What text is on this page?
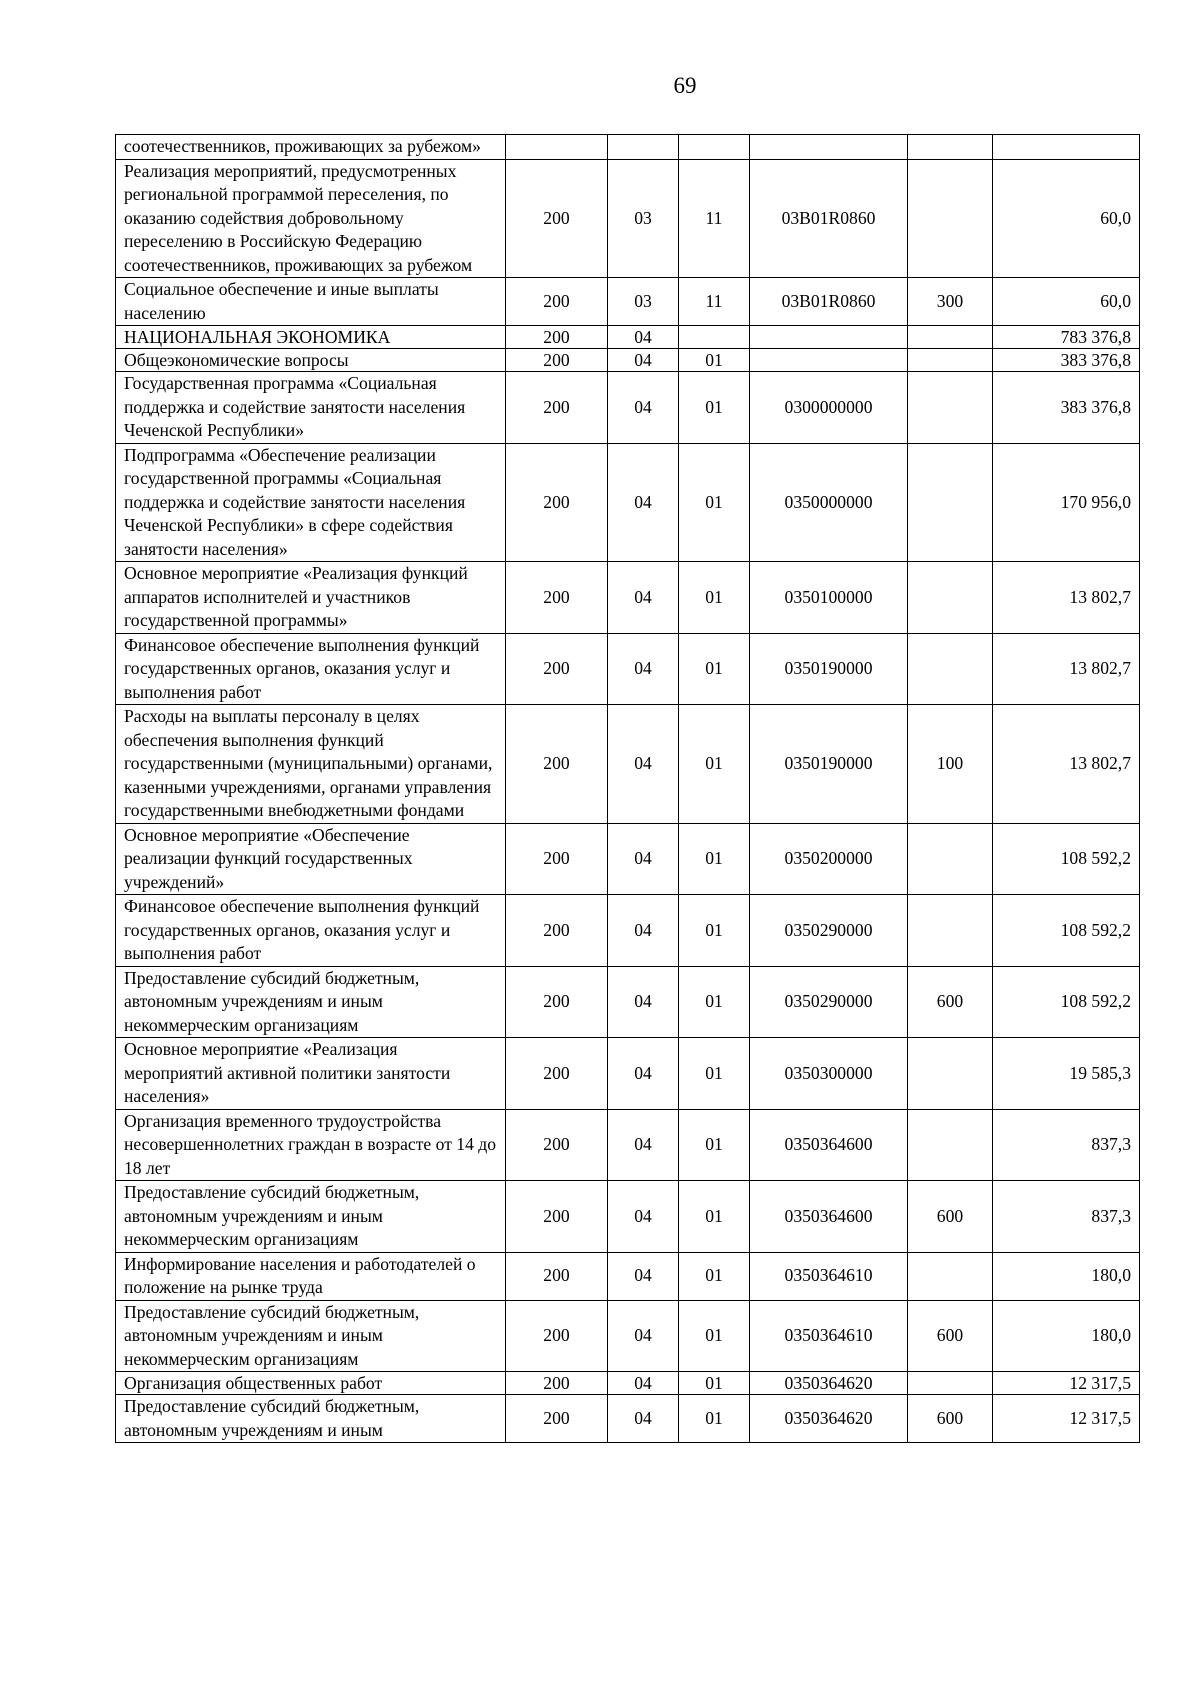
69
соотечественников, проживающих за рубежом»						
Реализация мероприятий, предусмотренных региональной программой переселения, по оказанию содействия добровольному переселению в Российскую Федерацию соотечественников, проживающих за рубежом	200	03	11	03В01R0860		60,0
Социальное обеспечение и иные выплаты населению	200	03	11	03В01R0860	300	60,0
НАЦИОНАЛЬНАЯ ЭКОНОМИКА	200	04				783 376,8
Общеэкономические вопросы	200	04	01			383 376,8
Государственная программа «Социальная поддержка и содействие занятости населения Чеченской Республики»	200	04	01	0300000000		383 376,8
Подпрограмма «Обеспечение реализации государственной программы «Социальная поддержка и содействие занятости населения Чеченской Республики» в сфере содействия занятости населения»	200	04	01	0350000000		170 956,0
Основное мероприятие «Реализация функций аппаратов исполнителей и участников государственной программы»	200	04	01	0350100000		13 802,7
Финансовое обеспечение выполнения функций государственных органов, оказания услуг и выполнения работ	200	04	01	0350190000		13 802,7
Расходы на выплаты персоналу в целях обеспечения выполнения функций государственными (муниципальными) органами, казенными учреждениями, органами управления государственными внебюджетными фондами	200	04	01	0350190000	100	13 802,7
Основное мероприятие «Обеспечение реализации функций государственных учреждений»	200	04	01	0350200000		108 592,2
Финансовое обеспечение выполнения функций государственных органов, оказания услуг и выполнения работ	200	04	01	0350290000		108 592,2
Предоставление субсидий бюджетным, автономным учреждениям и иным некоммерческим организациям	200	04	01	0350290000	600	108 592,2
Основное мероприятие «Реализация мероприятий активной политики занятости населения»	200	04	01	0350300000		19 585,3
Организация временного трудоустройства несовершеннолетних граждан в возрасте от 14 до 18 лет	200	04	01	0350364600		837,3
Предоставление субсидий бюджетным, автономным учреждениям и иным некоммерческим организациям	200	04	01	0350364600	600	837,3
Информирование населения и работодателей о положение на рынке труда	200	04	01	0350364610		180,0
Предоставление субсидий бюджетным, автономным учреждениям и иным некоммерческим организациям	200	04	01	0350364610	600	180,0
Организация общественных работ	200	04	01	0350364620		12 317,5
Предоставление субсидий бюджетным, автономным учреждениям и иным	200	04	01	0350364620	600	12 317,5
